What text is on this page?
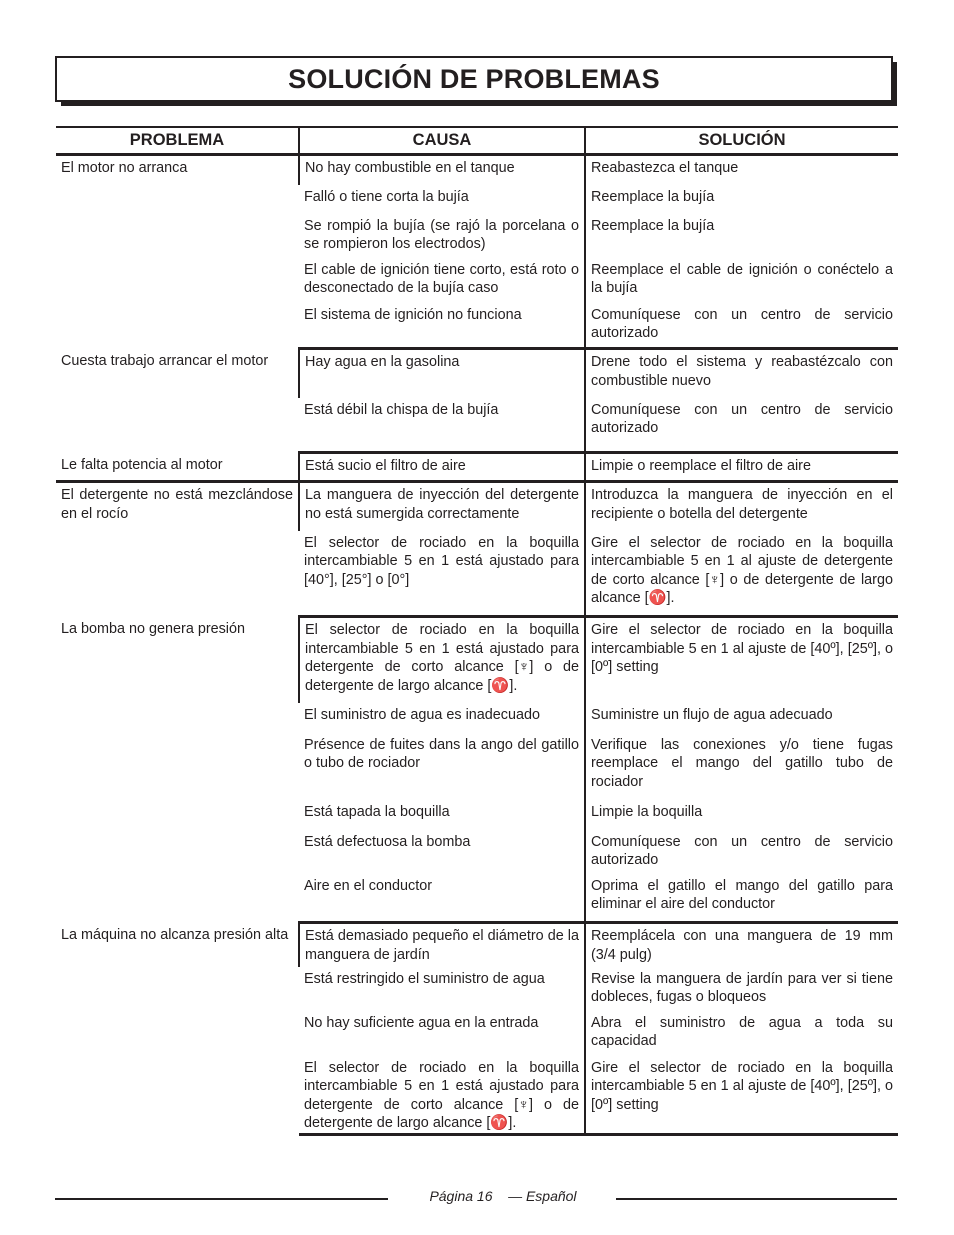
SOLUCIÓN DE PROBLEMAS
PROBLEMA	CAUSA	SOLUCIÓN
El motor no arranca	No hay combustible en el tanque	Reabastezca el tanque
	Falló o tiene corta la bujía	Reemplace la bujía
	Se rompió la bujía (se rajó la porcelana o se rompieron los electrodos)	Reemplace la bujía
	El cable de ignición tiene corto, está roto o desconectado de la bujía caso	Reemplace el cable de ignición o conéctelo a la bujía
	El sistema de ignición no funciona	Comuníquese con un centro de servicio autorizado
Cuesta trabajo arrancar el motor	Hay agua en la gasolina	Drene todo el sistema y reabastézcalo con combustible nuevo
	Está débil la chispa de la bujía	Comuníquese con un centro de servicio autorizado
Le falta potencia al motor	Está sucio el filtro de aire	Limpie o reemplace el filtro de aire
El detergente no está mezclándose en el rocío	La manguera de inyección del detergente no está sumergida correctamente	Introduzca la manguera de inyección en el recipiente o botella del detergente
	El selector de rociado en la boquilla intercambiable 5 en 1 está ajustado para [40°], [25°] o [0°]	Gire el selector de rociado en la boquilla intercambiable 5 en 1 al ajuste de detergente de corto alcance [♆] o de detergente de largo alcance [♈].
La bomba no genera presión	El selector de rociado en la boquilla intercambiable 5 en 1 está ajustado para detergente de corto alcance [♆] o de detergente de largo alcance [♈].	Gire el selector de rociado en la boquilla intercambiable 5 en 1 al ajuste de [40º], [25º], o [0º] setting
	El suministro de agua es inadecuado	Suministre un flujo de agua adecuado
	Présence de fuites dans la ango del gatillo o tubo de rociador	Verifique las conexiones y/o tiene fugas reemplace el mango del gatillo tubo de rociador
	Está tapada la boquilla	Limpie la boquilla
	Está defectuosa la bomba	Comuníquese con un centro de servicio autorizado
	Aire en el conductor	Oprima el gatillo el mango del gatillo para eliminar el aire del conductor
La máquina no alcanza presión alta	Está demasiado pequeño el diámetro de la manguera de jardín	Reemplácela con una manguera de 19 mm (3/4 pulg)
	Está restringido el suministro de agua	Revise la manguera de jardín para ver si tiene dobleces, fugas o bloqueos
	No hay suficiente agua en la entrada	Abra el suministro de agua a toda su capacidad
	El selector de rociado en la boquilla intercambiable 5 en 1 está ajustado para detergente de corto alcance [♆] o de detergente de largo alcance [♈].	Gire el selector de rociado en la boquilla intercambiable 5 en 1 al ajuste de [40º], [25º], o [0º] setting
Página 16 — Español
